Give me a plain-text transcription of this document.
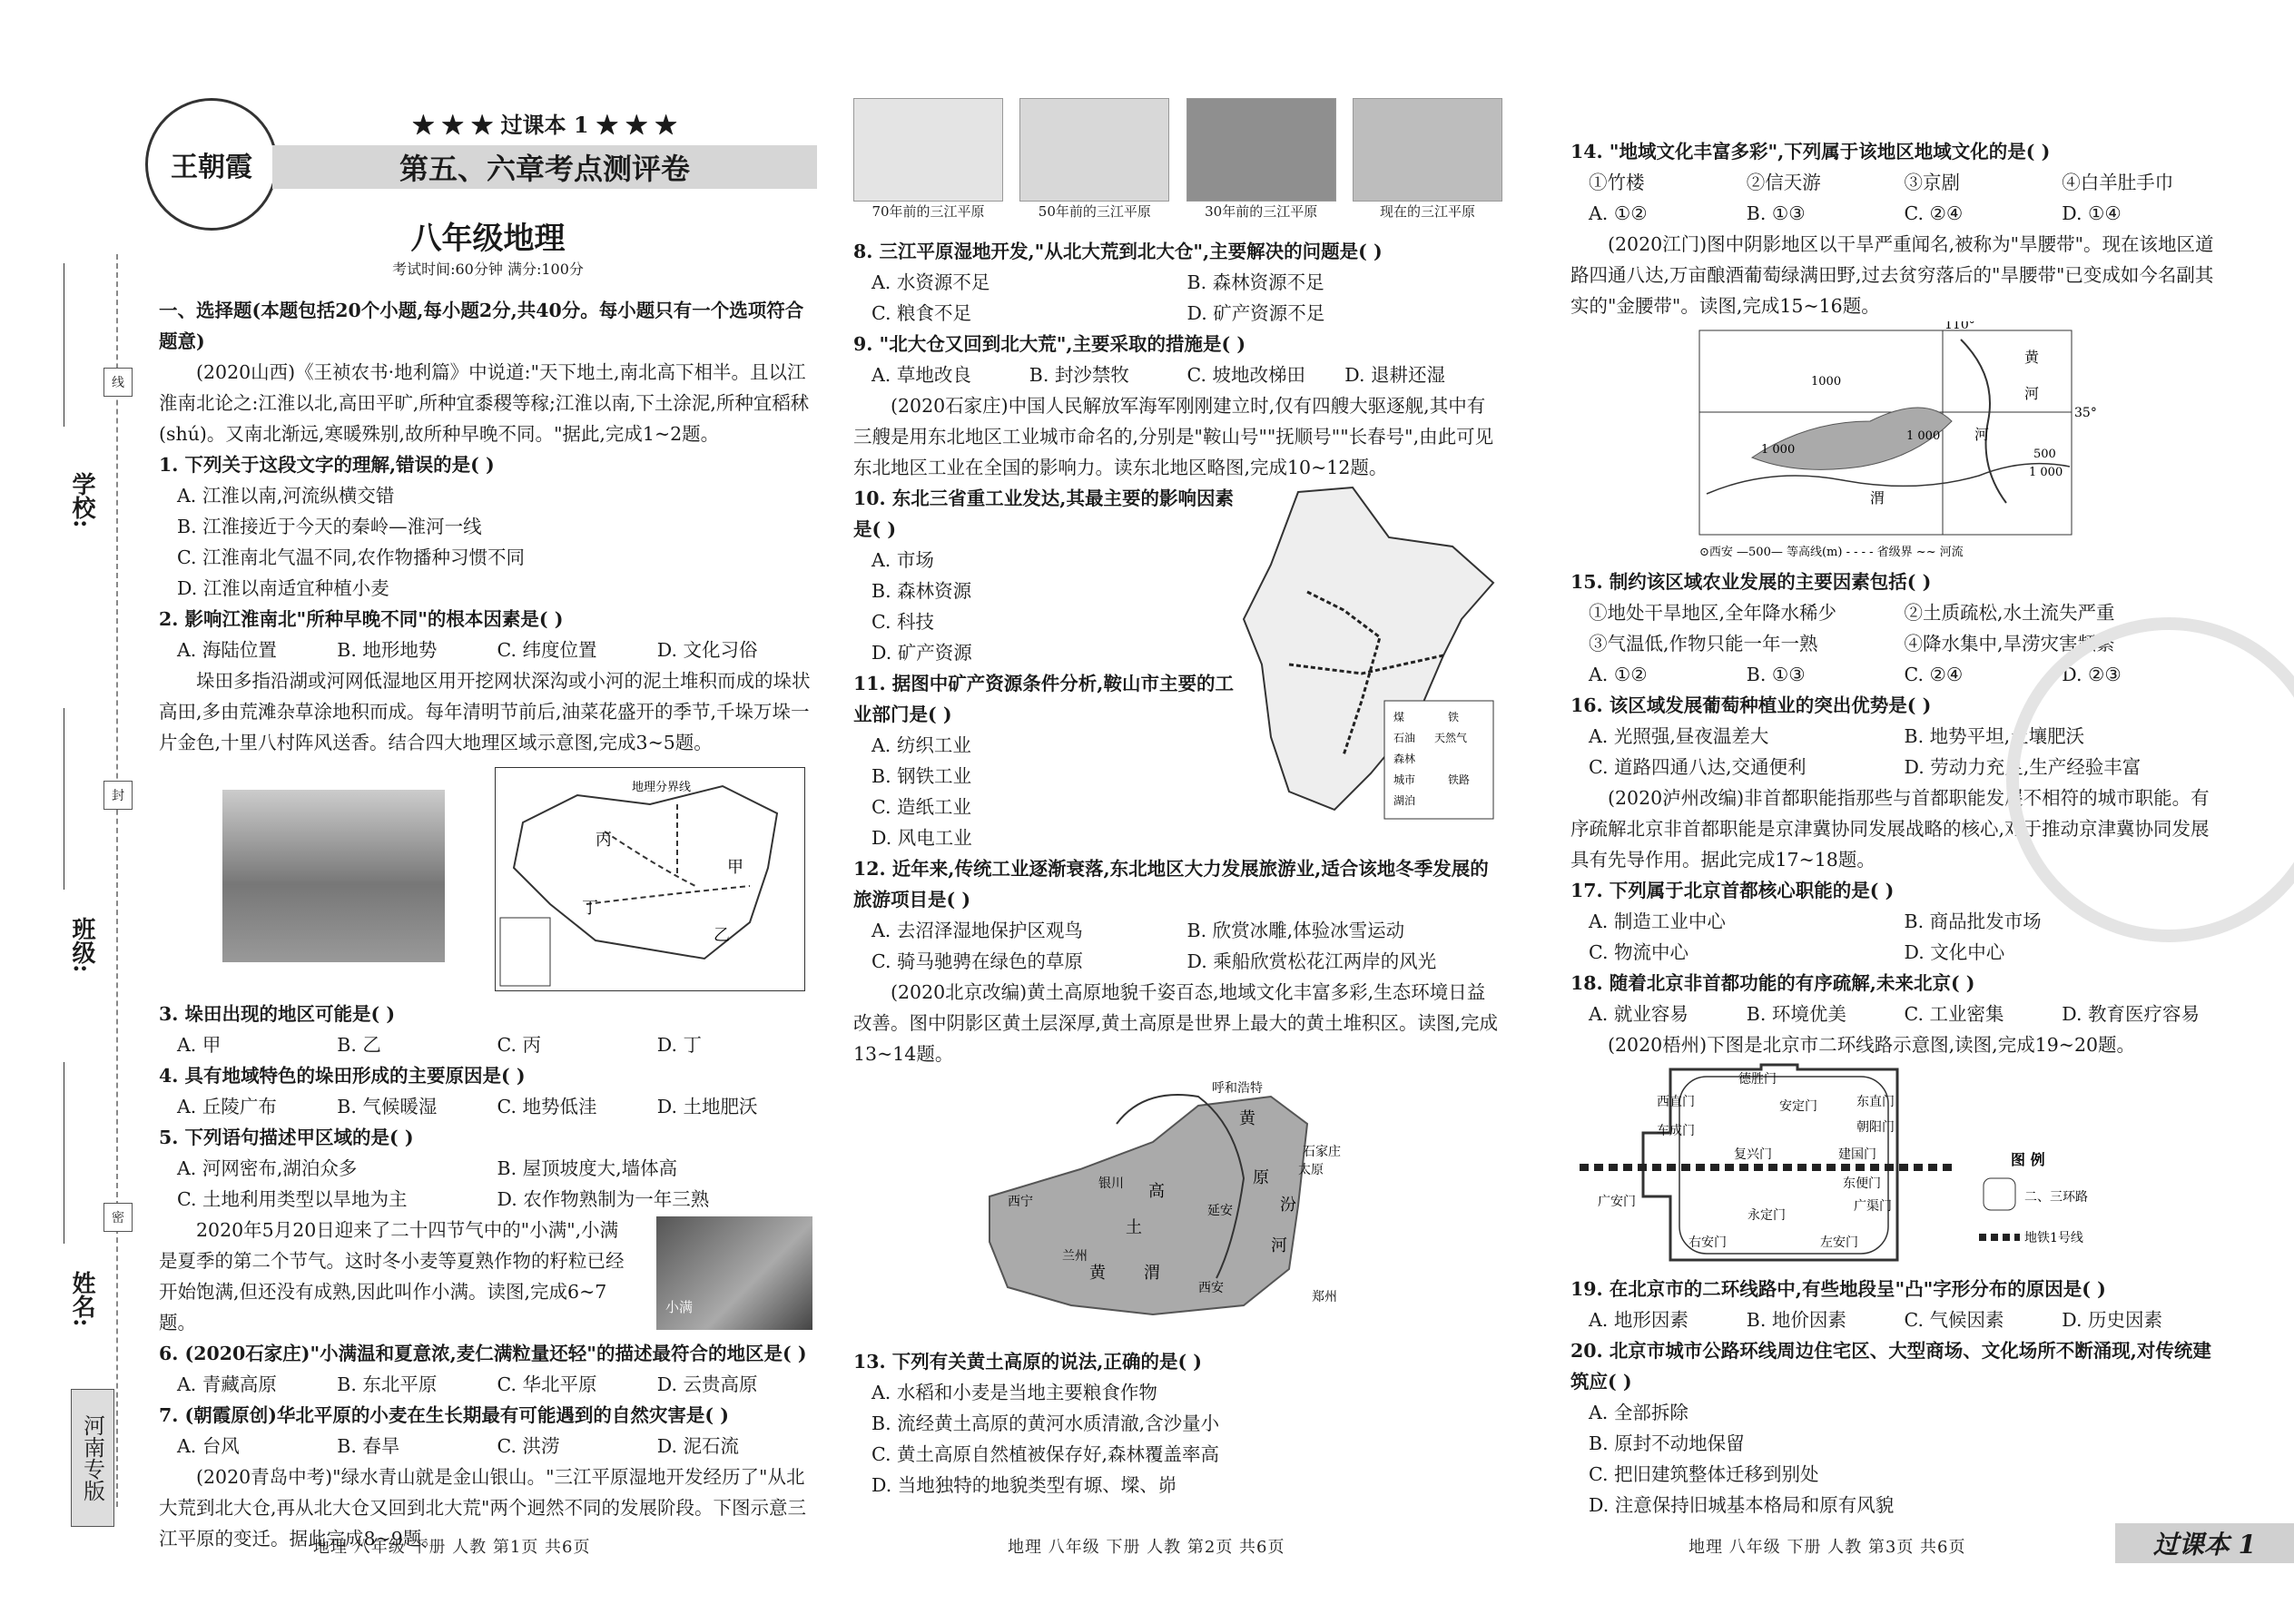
学校:
班级:
姓名:
线
封
密
河南专版
王朝霞
★ ★ ★ 过课本 1 ★ ★ ★
第五、六章考点测评卷
八年级地理
考试时间:60分钟 满分:100分
一、选择题(本题包括20个小题,每小题2分,共40分。每小题只有一个选项符合题意)

(2020山西)《王祯农书·地利篇》中说道:"天下地土,南北高下相半。且以江淮南北论之:江淮以北,高田平旷,所种宜黍稷等稼;江淮以南,下土涂泥,所种宜稻秫(shú)。又南北渐远,寒暖殊别,故所种早晚不同。"据此,完成1~2题。

1. 下列关于这段文字的理解,错误的是( )
A. 江淮以南,河流纵横交错
B. 江淮接近于今天的秦岭—淮河一线
C. 江淮南北气温不同,农作物播种习惯不同
D. 江淮以南适宜种植小麦
2. 影响江淮南北"所种早晚不同"的根本因素是( )
A. 海陆位置	B. 地形地势	C. 纬度位置	D. 文化习俗

垛田多指沿湖或河网低湿地区用开挖网状深沟或小河的泥土堆积而成的垛状高田,多由荒滩杂草涂地积而成。每年清明节前后,油菜花盛开的季节,千垛万垛一片金色,十里八村阵风送香。结合四大地理区域示意图,完成3~5题。

甲
乙
丙
丁
地理分界线
3. 垛田出现的地区可能是( )
A. 甲	B. 乙	C. 丙	D. 丁
4. 具有地域特色的垛田形成的主要原因是( )
A. 丘陵广布	B. 气候暖湿	C. 地势低洼	D. 土地肥沃
5. 下列语句描述甲区域的是( )
A. 河网密布,湖泊众多	B. 屋顶坡度大,墙体高
C. 土地利用类型以旱地为主	D. 农作物熟制为一年三熟

2020年5月20日迎来了二十四节气中的"小满",小满是夏季的第二个节气。这时冬小麦等夏熟作物的籽粒已经开始饱满,但还没有成熟,因此叫作小满。读图,完成6~7题。

小满
6. (2020石家庄)"小满温和夏意浓,麦仁满粒量还轻"的描述最符合的地区是( )
A. 青藏高原	B. 东北平原	C. 华北平原	D. 云贵高原
7. (朝霞原创)华北平原的小麦在生长期最有可能遇到的自然灾害是( )
A. 台风	B. 春旱	C. 洪涝	D. 泥石流

(2020青岛中考)"绿水青山就是金山银山。"三江平原湿地开发经历了"从北大荒到北大仓,再从北大仓又回到北大荒"两个迥然不同的发展阶段。下图示意三江平原的变迁。据此完成8~9题。

地理 八年级 下册 人教 第1页 共6页
70年前的三江平原	50年前的三江平原	30年前的三江平原	现在的三江平原
8. 三江平原湿地开发,"从北大荒到北大仓",主要解决的问题是( )
A. 水资源不足	B. 森林资源不足
C. 粮食不足	D. 矿产资源不足
9. "北大仓又回到北大荒",主要采取的措施是( )
A. 草地改良	B. 封沙禁牧	C. 坡地改梯田	D. 退耕还湿

(2020石家庄)中国人民解放军海军刚刚建立时,仅有四艘大驱逐舰,其中有三艘是用东北地区工业城市命名的,分别是"鞍山号""抚顺号""长春号",由此可见东北地区工业在全国的影响力。读东北地区略图,完成10~12题。

10. 东北三省重工业发达,其最主要的影响因素是( )
A. 市场
B. 森林资源
C. 科技
D. 矿产资源
11. 据图中矿产资源条件分析,鞍山市主要的工业部门是( )
A. 纺织工业
B. 钢铁工业
C. 造纸工业
D. 风电工业
煤	铁
石油 天然气
森林
城市	铁路
湖泊
12. 近年来,传统工业逐渐衰落,东北地区大力发展旅游业,适合该地冬季发展的旅游项目是( )
A. 去沼泽湿地保护区观鸟	B. 欣赏冰雕,体验冰雪运动
C. 骑马驰骋在绿色的草原	D. 乘船欣赏松花江两岸的风光

(2020北京改编)黄土高原地貌千姿百态,地域文化丰富多彩,生态环境日益改善。图中阴影区黄土层深厚,黄土高原是世界上最大的黄土堆积区。读图,完成13~14题。

呼和浩特
黄
太原
石家庄
西宁
兰州
银川 高
原
土
汾
河
渭
黄
西安
郑州
延安
13. 下列有关黄土高原的说法,正确的是( )
A. 水稻和小麦是当地主要粮食作物
B. 流经黄土高原的黄河水质清澈,含沙量小
C. 黄土高原自然植被保存好,森林覆盖率高
D. 当地独特的地貌类型有塬、墚、峁
地理 八年级 下册 人教 第2页 共6页
14. "地域文化丰富多彩",下列属于该地区地域文化的是( )
①竹楼	②信天游	③京剧	④白羊肚手巾
A. ①②	B. ①③	C. ②④	D. ①④

(2020江门)图中阴影地区以干旱严重闻名,被称为"旱腰带"。现在该地区道路四通八达,万亩酿酒葡萄绿满田野,过去贫穷落后的"旱腰带"已变成如今名副其实的"金腰带"。读图,完成15~16题。

110°
黄
河
35°
1 000
1 000
500
1 000
河
渭
1000
⊙西安 —500— 等高线(m) - - - - 省级界 ~~ 河流
15. 制约该区域农业发展的主要因素包括( )
①地处干旱地区,全年降水稀少	②土质疏松,水土流失严重
③气温低,作物只能一年一熟	④降水集中,旱涝灾害频繁
A. ①②	B. ①③	C. ②④	D. ②③
16. 该区域发展葡萄种植业的突出优势是( )
A. 光照强,昼夜温差大	B. 地势平坦,土壤肥沃
C. 道路四通八达,交通便利	D. 劳动力充足,生产经验丰富

(2020泸州改编)非首都职能指那些与首都职能发展不相符的城市职能。有序疏解北京非首都职能是京津冀协同发展战略的核心,对于推动京津冀协同发展具有先导作用。据此完成17~18题。

17. 下列属于北京首都核心职能的是( )
A. 制造工业中心	B. 商品批发市场
C. 物流中心	D. 文化中心
18. 随着北京非首都功能的有序疏解,未来北京( )
A. 就业容易	B. 环境优美	C. 工业密集	D. 教育医疗容易

(2020梧州)下图是北京市二环线路示意图,读图,完成19~20题。

德胜门
安定门
西直门	东直门
车成门	朝阳门
复兴门	建国门
东便门
广安门
永定门
广渠门
右安门	左安门
图 例
二、三环路
地铁1号线
19. 在北京市的二环线路中,有些地段呈"凸"字形分布的原因是( )
A. 地形因素	B. 地价因素	C. 气候因素	D. 历史因素
20. 北京市城市公路环线周边住宅区、大型商场、文化场所不断涌现,对传统建筑应( )
A. 全部拆除
B. 原封不动地保留
C. 把旧建筑整体迁移到别处
D. 注意保持旧城基本格局和原有风貌
地理 八年级 下册 人教 第3页 共6页	过课本 1
